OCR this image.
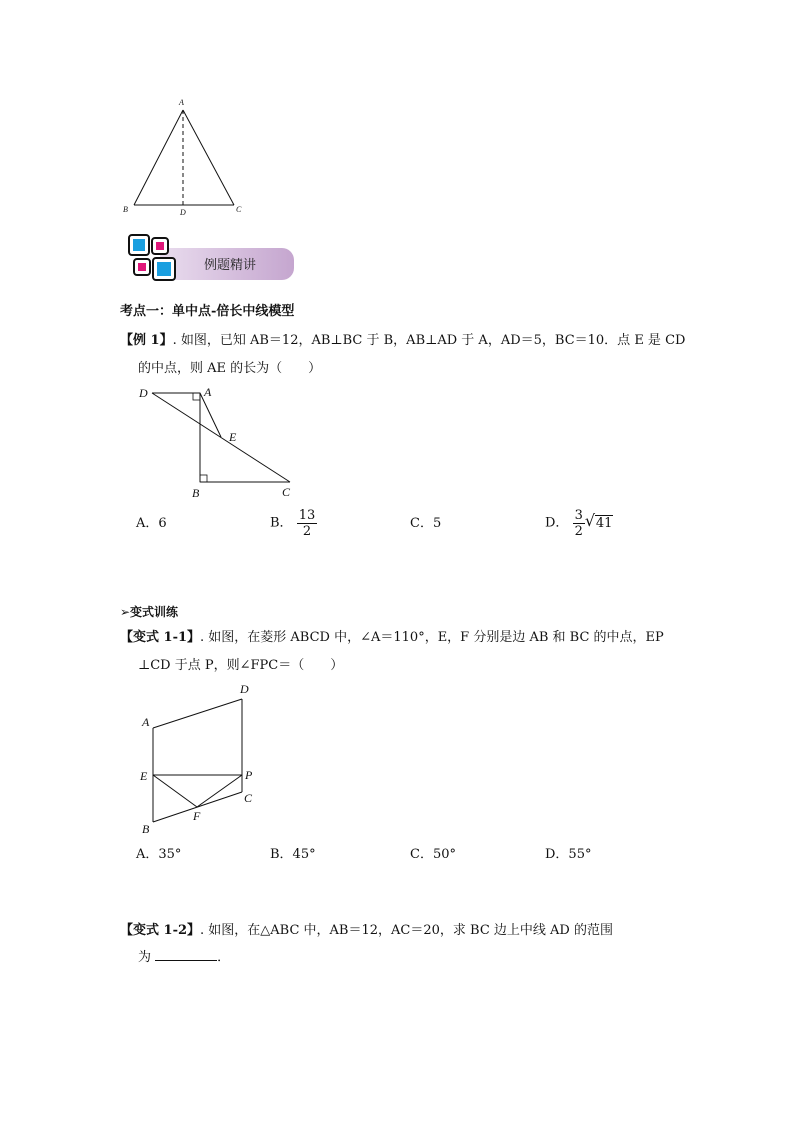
A
B	D	C
例题精讲
考点一：单中点-倍长中线模型
【例 1】. 如图，已知 AB＝12，AB⊥BC 于 B，AB⊥AD 于 A，AD＝5，BC＝10．点 E 是 CD
的中点，则 AE 的长为（　　）
D	A
E
B	C
A．6	B． $\frac{13}{2}$	C．5	D． $\frac{3}{2}$ √ 41
➢变式训练
【变式 1-1】. 如图，在菱形 ABCD 中，∠A＝110°，E，F 分别是边 AB 和 BC 的中点，EP
⊥CD 于点 P，则∠FPC＝（　　）
D
A
E	P
C
F
B
A．35°	B．45°	C．50°	D．55°
【变式 1-2】. 如图，在△ABC 中，AB＝12，AC＝20，求 BC 边上中线 AD 的范围
为	．
